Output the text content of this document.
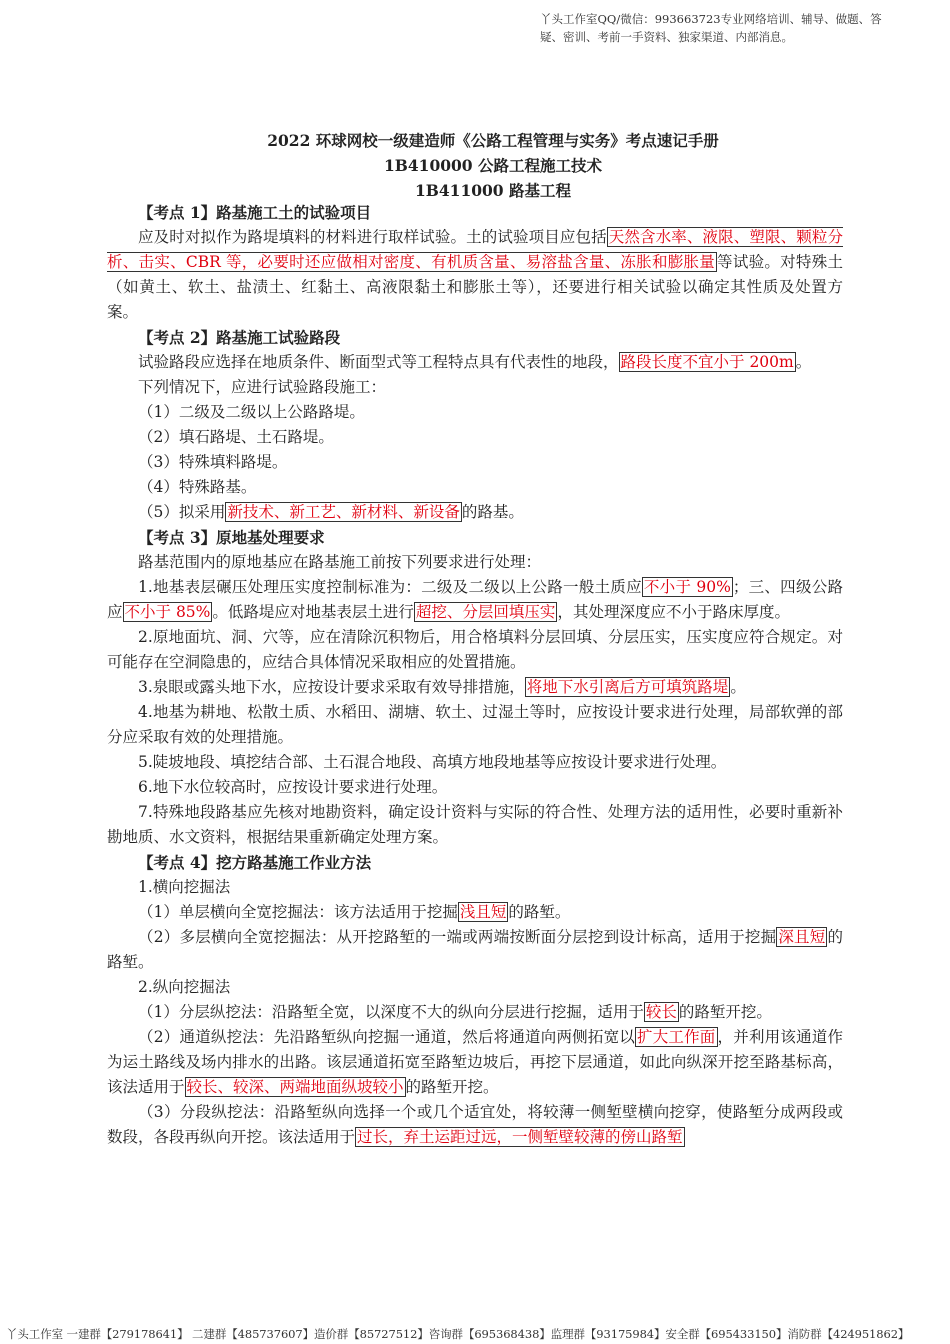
丫头工作室QQ/微信：993663723专业网络培训、辅导、做题、答疑、密训、考前一手资料、独家渠道、内部消息。
2022 环球网校一级建造师《公路工程管理与实务》考点速记手册
1B410000 公路工程施工技术
1B411000 路基工程

【考点 1】路基施工土的试验项目

应及时对拟作为路堤填料的材料进行取样试验。土的试验项目应包括 天然含水率、液限、塑限、颗粒分析、击实、CBR 等，必要时还应做相对密度、有机质含量、易溶盐含量、冻胀和膨胀量 等试验。对特殊土（如黄土、软土、盐渍土、红黏土、高液限黏土和膨胀土等），还要进行相关试验以确定其性质及处置方案。

【考点 2】路基施工试验路段

试验路段应选择在地质条件、断面型式等工程特点具有代表性的地段， 路段长度不宜小于 200m 。

下列情况下，应进行试验路段施工：

（1）二级及二级以上公路路堤。

（2）填石路堤、土石路堤。

（3）特殊填料路堤。

（4）特殊路基。

（5）拟采用 新技术、新工艺、新材料、新设备 的路基。

【考点 3】原地基处理要求

路基范围内的原地基应在路基施工前按下列要求进行处理：

1.地基表层碾压处理压实度控制标准为：二级及二级以上公路一般土质应 不小于 90% ；三、四级公路应 不小于 85% 。低路堤应对地基表层土进行 超挖、分层回填压实 ，其处理深度应不小于路床厚度。

2.原地面坑、洞、穴等，应在清除沉积物后，用合格填料分层回填、分层压实，压实度应符合规定。对可能存在空洞隐患的，应结合具体情况采取相应的处置措施。

3.泉眼或露头地下水，应按设计要求采取有效导排措施， 将地下水引离后方可填筑路堤 。

4.地基为耕地、松散土质、水稻田、湖塘、软土、过湿土等时，应按设计要求进行处理，局部软弹的部分应采取有效的处理措施。

5.陡坡地段、填挖结合部、土石混合地段、高填方地段地基等应按设计要求进行处理。

6.地下水位较高时，应按设计要求进行处理。

7.特殊地段路基应先核对地勘资料，确定设计资料与实际的符合性、处理方法的适用性，必要时重新补勘地质、水文资料，根据结果重新确定处理方案。

【考点 4】挖方路基施工作业方法

1.横向挖掘法

（1）单层横向全宽挖掘法：该方法适用于挖掘 浅且短 的路堑。

（2）多层横向全宽挖掘法：从开挖路堑的一端或两端按断面分层挖到设计标高，适用于挖掘 深且短 的路堑。

2.纵向挖掘法

（1）分层纵挖法：沿路堑全宽，以深度不大的纵向分层进行挖掘，适用于 较长 的路堑开挖。

（2）通道纵挖法：先沿路堑纵向挖掘一通道，然后将通道向两侧拓宽以 扩大工作面 ，并利用该通道作为运土路线及场内排水的出路。该层通道拓宽至路堑边坡后，再挖下层通道，如此向纵深开挖至路基标高，该法适用于 较长、较深、两端地面纵坡较小 的路堑开挖。

（3）分段纵挖法：沿路堑纵向选择一个或几个适宜处，将较薄一侧堑壁横向挖穿，使路堑分成两段或数段，各段再纵向开挖。该法适用于 过长，弃土运距过远，一侧堑壁较薄的傍山路堑

丫头工作室 一建群【279178641】 二建群【485737607】造价群【85727512】咨询群【695368438】监理群【93175984】安全群【695433150】消防群【424951862】
